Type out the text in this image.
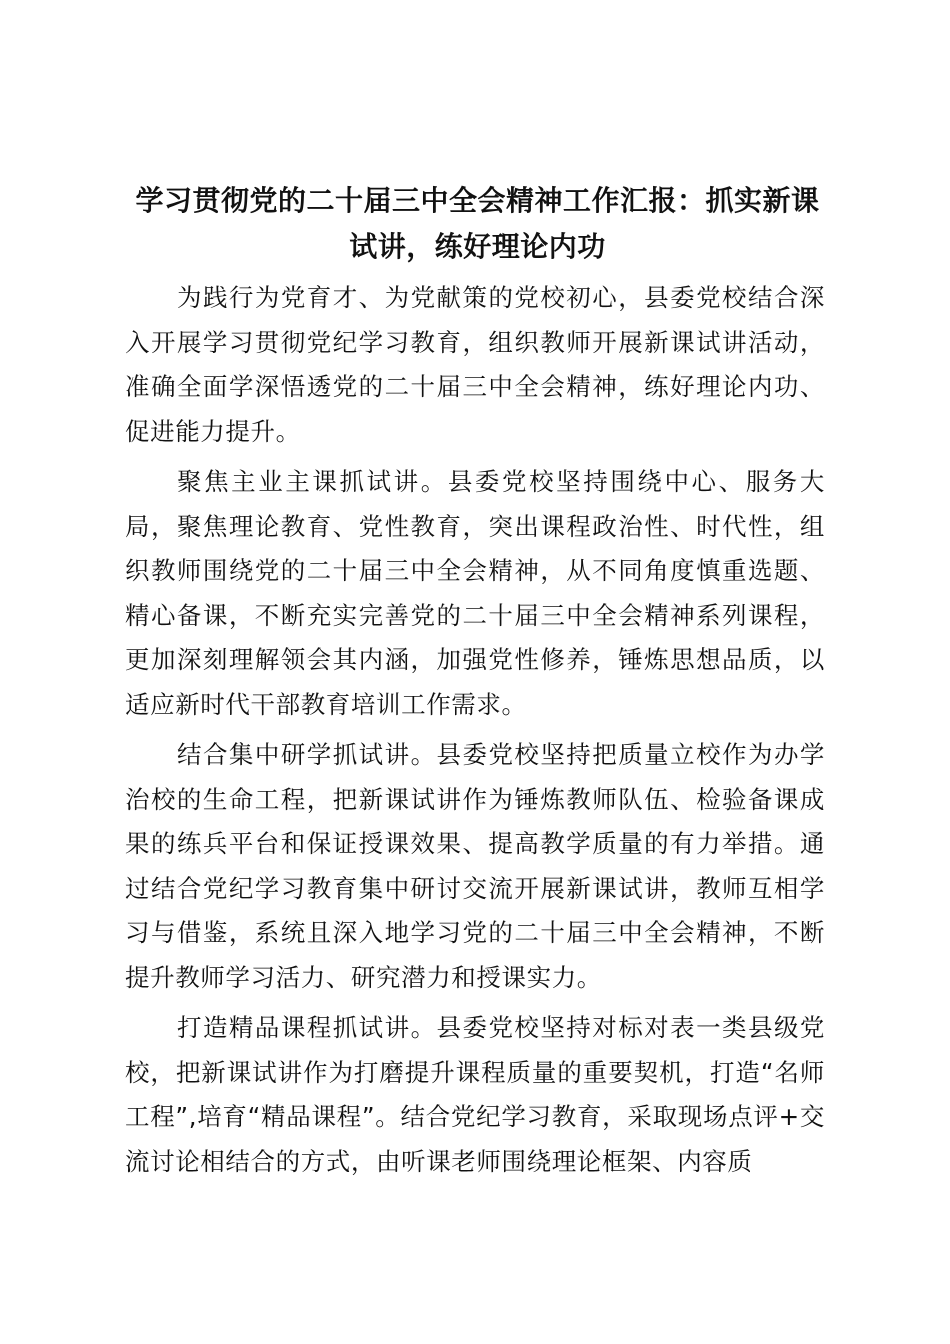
学习贯彻党的二十届三中全会精神工作汇报：抓实新课试讲，练好理论内功

为践行为党育才、为党献策的党校初心，县委党校结合深入开展学习贯彻党纪学习教育，组织教师开展新课试讲活动，准确全面学深悟透党的二十届三中全会精神，练好理论内功、促进能力提升。

聚焦主业主课抓试讲。县委党校坚持围绕中心、服务大局，聚焦理论教育、党性教育，突出课程政治性、时代性，组织教师围绕党的二十届三中全会精神，从不同角度慎重选题、精心备课，不断充实完善党的二十届三中全会精神系列课程，更加深刻理解领会其内涵，加强党性修养，锤炼思想品质，以适应新时代干部教育培训工作需求。

结合集中研学抓试讲。县委党校坚持把质量立校作为办学治校的生命工程，把新课试讲作为锤炼教师队伍、检验备课成果的练兵平台和保证授课效果、提高教学质量的有力举措。通过结合党纪学习教育集中研讨交流开展新课试讲，教师互相学习与借鉴，系统且深入地学习党的二十届三中全会精神，不断提升教师学习活力、研究潜力和授课实力。

打造精品课程抓试讲。县委党校坚持对标对表一类县级党校，把新课试讲作为打磨提升课程质量的重要契机，打造“名师工程”,培育“精品课程”。结合党纪学习教育，采取现场点评+交流讨论相结合的方式，由听课老师围绕理论框架、内容质
